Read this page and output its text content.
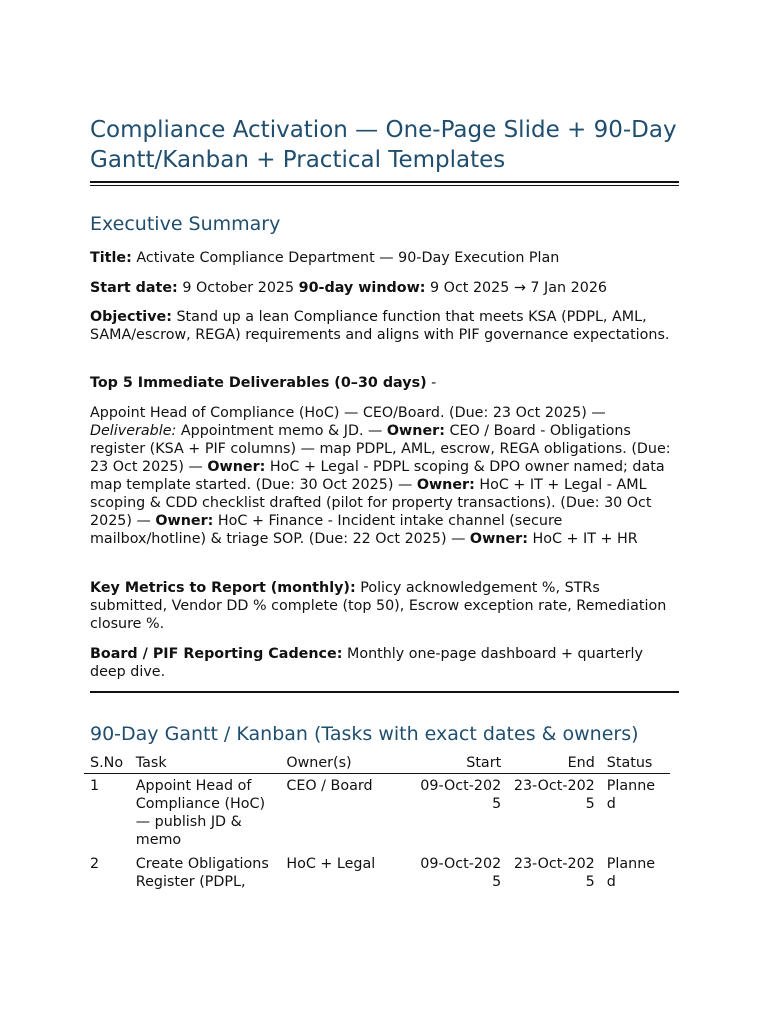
Compliance Activation — One-Page Slide + 90-Day Gantt/Kanban + Practical Templates
Executive Summary

Title: Activate Compliance Department — 90-Day Execution Plan

Start date: 9 October 2025 90-day window: 9 Oct 2025 → 7 Jan 2026

Objective: Stand up a lean Compliance function that meets KSA (PDPL, AML, SAMA/escrow, REGA) requirements and aligns with PIF governance expectations.

Top 5 Immediate Deliverables (0–30 days) -

Appoint Head of Compliance (HoC) — CEO/Board. (Due: 23 Oct 2025) — Deliverable: Appointment memo & JD. — Owner: CEO / Board - Obligations register (KSA + PIF columns) — map PDPL, AML, escrow, REGA obligations. (Due: 23 Oct 2025) — Owner: HoC + Legal - PDPL scoping & DPO owner named; data map template started. (Due: 30 Oct 2025) — Owner: HoC + IT + Legal - AML scoping & CDD checklist drafted (pilot for property transactions). (Due: 30 Oct 2025) — Owner: HoC + Finance - Incident intake channel (secure mailbox/hotline) & triage SOP. (Due: 22 Oct 2025) — Owner: HoC + IT + HR

Key Metrics to Report (monthly): Policy acknowledgement %, STRs submitted, Vendor DD % complete (top 50), Escrow exception rate, Remediation closure %.

Board / PIF Reporting Cadence: Monthly one-page dashboard + quarterly deep dive.

90-Day Gantt / Kanban (Tasks with exact dates & owners)
S.No	Task	Owner(s)	Start	End	Status
1	Appoint Head of Compliance (HoC) — publish JD & memo	CEO / Board	09-Oct-2025	23-Oct-2025	Planned
2	Create Obligations Register (PDPL,	HoC + Legal	09-Oct-2025	23-Oct-2025	Planned
